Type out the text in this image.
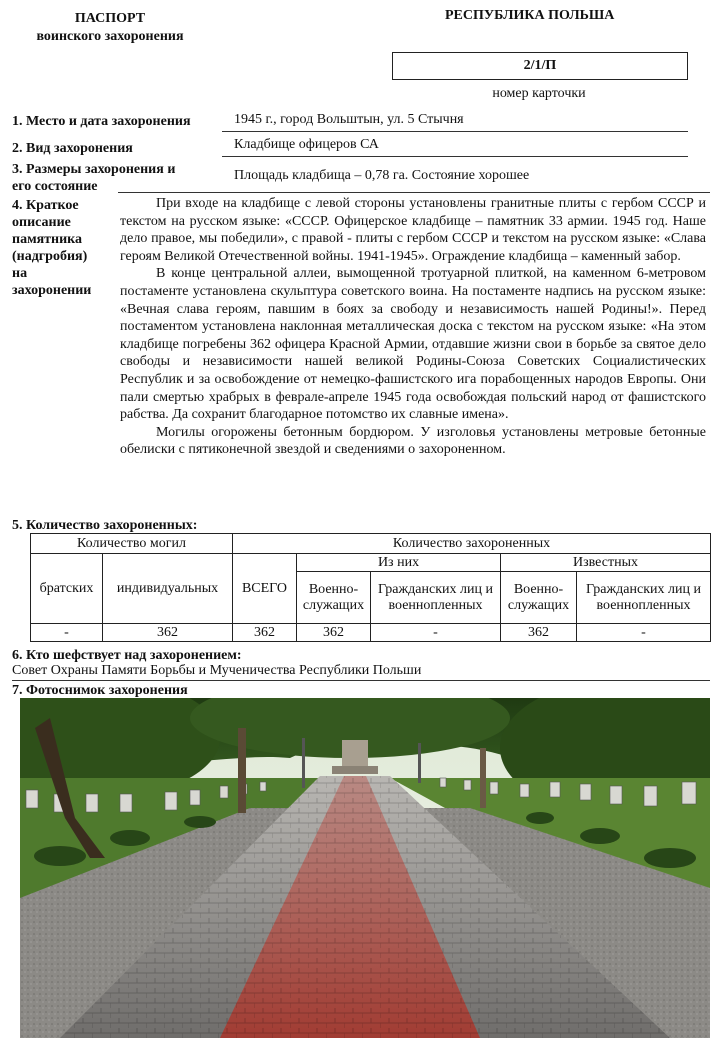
ПАСПОРТ
воинского захоронения
РЕСПУБЛИКА ПОЛЬША
2/1/П
номер карточки
1. Место и дата захоронения	1945 г., город Вольштын, ул. 5 Стычня
2. Вид захоронения	Кладбище офицеров СА
3. Размеры захоронения и
его состояние
Площадь кладбища – 0,78 га. Состояние хорошее
4. Краткое
описание
памятника
(надгробия)
на
захоронении

При входе на кладбище с левой стороны установлены гранитные плиты с гербом СССР и текстом на русском языке: «СССР. Офицерское кладбище – памятник 33 армии. 1945 год. Наше дело правое, мы победили», с правой - плиты с гербом СССР и текстом на русском языке: «Слава героям Великой Отечественной войны. 1941-1945». Ограждение кладбища – каменный забор.

В конце центральной аллеи, вымощенной тротуарной плиткой, на каменном 6-метровом постаменте установлена скульптура советского воина. На постаменте надпись на русском языке: «Вечная слава героям, павшим в боях за свободу и независимость нашей Родины!». Перед постаментом установлена наклонная металлическая доска с текстом на русском языке: «На этом кладбище погребены 362 офицера Красной Армии, отдавшие жизни свои в борьбе за святое дело свободы и независимости нашей великой Родины-Союза Советских Социалистических Республик и за освобождение от немецко-фашистского ига порабощенных народов Европы. Они пали смертью храбрых в феврале-апреле 1945 года освобождая польский народ от фашистского рабства. Да сохранит благодарное потомство их славные имена».

Могилы огорожены бетонным бордюром. У изголовья установлены метровые бетонные обелиски с пятиконечной звездой и сведениями о захороненном.

5. Количество захороненных:
Количество могил		Количество захороненных				
братских	индивидуальных	ВСЕГО	Из них		Известных	
			Военно-служащих	Гражданских лиц и военнопленных	Военно-служащих	Гражданских лиц и военнопленных
-	362	362	362	-	362	-
6. Кто шефствует над захоронением:
Совет Охраны Памяти Борьбы и Мученичества Республики Польши
7. Фотоснимок захоронения
